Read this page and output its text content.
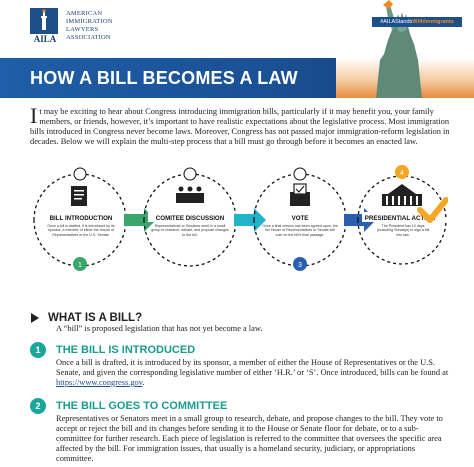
AILA
AMERICAN
IMMIGRATION
LAWYERS
ASSOCIATION
HOW A BILL BECOMES A LAW
#AILAStandsWithImmigrants
It may be exciting to hear about Congress introducing immigration bills, particularly if it may benefit you, your family members, or friends, however, it’s important to have realistic expectations about the legislative process. Most immigration bills introduced in Congress never become laws. Moreover, Congress has not passed major immigration-reform legislation in decades. Below we will explain the multi-step process that a bill must go through before it becomes an enacted law.
BILL INTRODUCTION
Once a bill is drafted, it is introduced by its sponsor, a member of either the House of Representatives or the U.S. Senate.
1
COMITEE DISCUSSION
Representatives or Senators meet in a small group to research, debate, and propose changes to the bill.
VOTE
Once a final version has been agreed upon, the full House of Representatives or Senate will vote on the bill’s final passage.
3
4
PRESIDENTIAL ACTION
The President has 10 days (excluding Sundays) to sign a bill into law.
WHAT IS A BILL?
A “bill” is proposed legislation that has not yet become a law.
1	THE BILL IS INTRODUCED
Once a bill is drafted, it is introduced by its sponsor, a member of either the House of Representatives or the U.S. Senate, and given the corresponding legislative number of either ‘H.R.’ or ‘S’. Once introduced, bills can be found at https://www.congress.gov.
2	THE BILL GOES TO COMMITTEE
Representatives or Senators meet in a small group to research, debate, and propose changes to the bill. They vote to accept or reject the bill and its changes before sending it to the House or Senate floor for debate, or to a sub-committee for further research. Each piece of legislation is referred to the committee that oversees the specific area affected by the bill. For immigration issues, that usually is a homeland security, judiciary, or appropriations committee.
